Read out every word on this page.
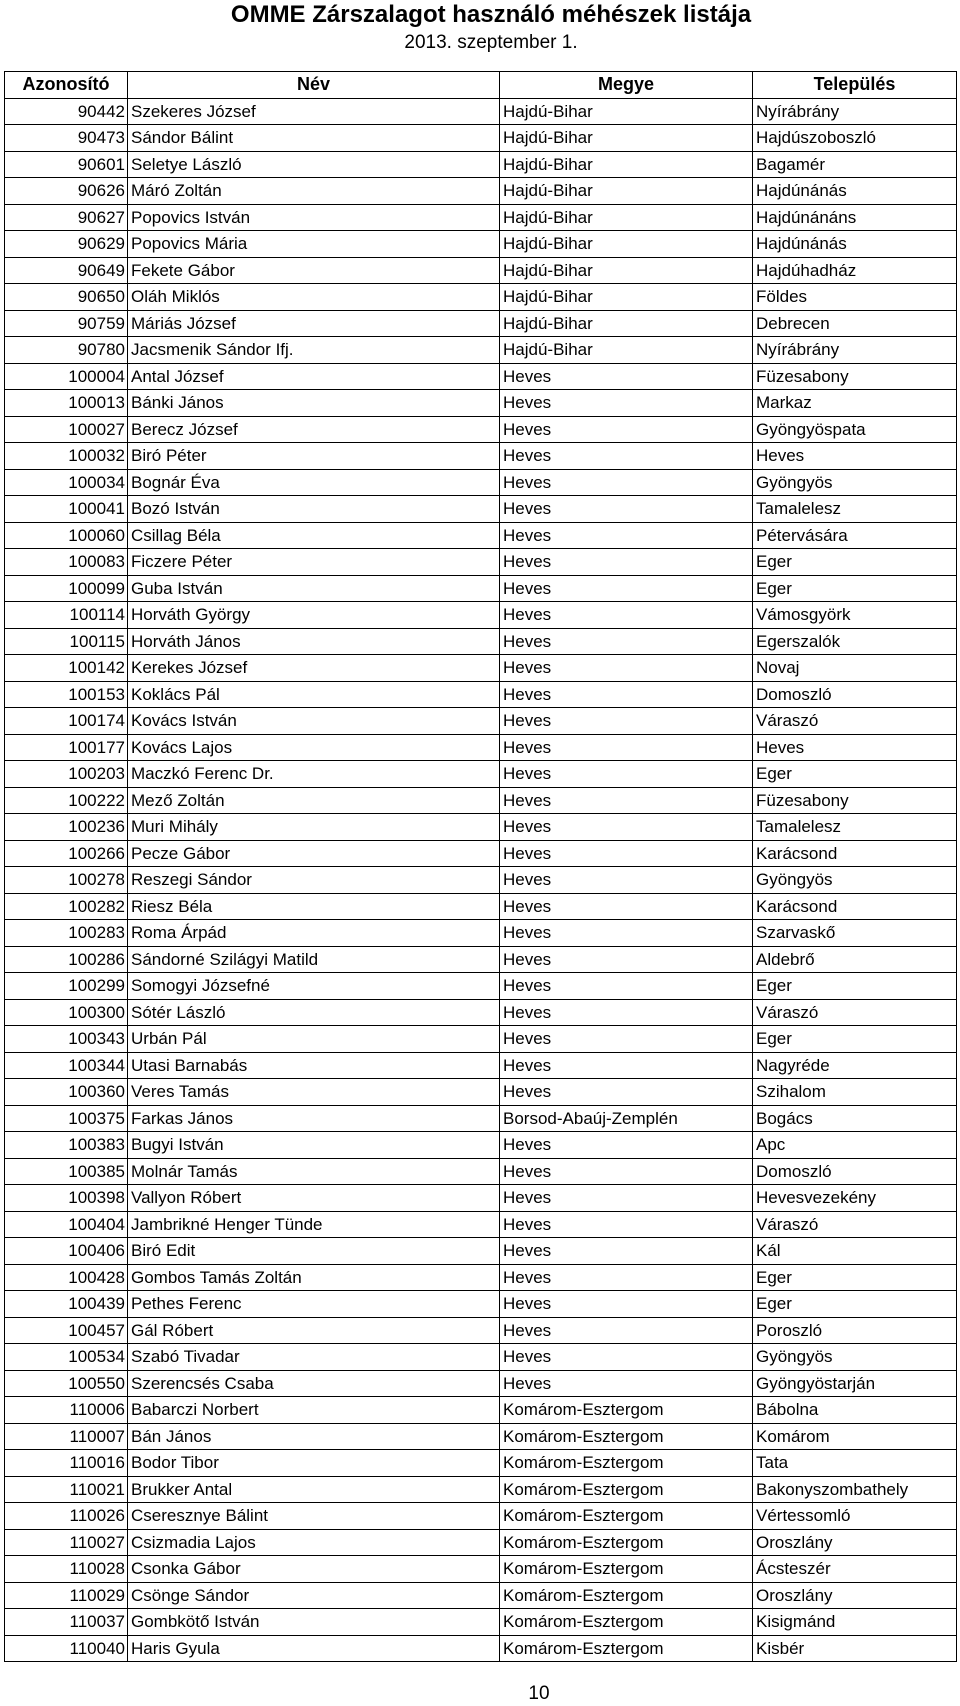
OMME Zárszalagot használó méhészek listája
2013. szeptember 1.
Azonosító	Név	Megye	Település
90442	Szekeres József	Hajdú-Bihar	Nyírábrány
90473	Sándor Bálint	Hajdú-Bihar	Hajdúszoboszló
90601	Seletye László	Hajdú-Bihar	Bagamér
90626	Máró Zoltán	Hajdú-Bihar	Hajdúnánás
90627	Popovics István	Hajdú-Bihar	Hajdúnánáns
90629	Popovics Mária	Hajdú-Bihar	Hajdúnánás
90649	Fekete Gábor	Hajdú-Bihar	Hajdúhadház
90650	Oláh Miklós	Hajdú-Bihar	Földes
90759	Máriás József	Hajdú-Bihar	Debrecen
90780	Jacsmenik Sándor Ifj.	Hajdú-Bihar	Nyírábrány
100004	Antal József	Heves	Füzesabony
100013	Bánki János	Heves	Markaz
100027	Berecz József	Heves	Gyöngyöspata
100032	Biró Péter	Heves	Heves
100034	Bognár Éva	Heves	Gyöngyös
100041	Bozó István	Heves	Tamalelesz
100060	Csillag Béla	Heves	Pétervására
100083	Ficzere Péter	Heves	Eger
100099	Guba István	Heves	Eger
100114	Horváth György	Heves	Vámosgyörk
100115	Horváth János	Heves	Egerszalók
100142	Kerekes József	Heves	Novaj
100153	Koklács Pál	Heves	Domoszló
100174	Kovács István	Heves	Váraszó
100177	Kovács Lajos	Heves	Heves
100203	Maczkó Ferenc Dr.	Heves	Eger
100222	Mező Zoltán	Heves	Füzesabony
100236	Muri Mihály	Heves	Tamalelesz
100266	Pecze Gábor	Heves	Karácsond
100278	Reszegi Sándor	Heves	Gyöngyös
100282	Riesz Béla	Heves	Karácsond
100283	Roma Árpád	Heves	Szarvaskő
100286	Sándorné Szilágyi Matild	Heves	Aldebrő
100299	Somogyi Józsefné	Heves	Eger
100300	Sótér László	Heves	Váraszó
100343	Urbán Pál	Heves	Eger
100344	Utasi Barnabás	Heves	Nagyréde
100360	Veres Tamás	Heves	Szihalom
100375	Farkas János	Borsod-Abaúj-Zemplén	Bogács
100383	Bugyi István	Heves	Apc
100385	Molnár Tamás	Heves	Domoszló
100398	Vallyon Róbert	Heves	Hevesvezekény
100404	Jambrikné Henger Tünde	Heves	Váraszó
100406	Biró Edit	Heves	Kál
100428	Gombos Tamás Zoltán	Heves	Eger
100439	Pethes Ferenc	Heves	Eger
100457	Gál Róbert	Heves	Poroszló
100534	Szabó Tivadar	Heves	Gyöngyös
100550	Szerencsés Csaba	Heves	Gyöngyöstarján
110006	Babarczi Norbert	Komárom-Esztergom	Bábolna
110007	Bán János	Komárom-Esztergom	Komárom
110016	Bodor Tibor	Komárom-Esztergom	Tata
110021	Brukker Antal	Komárom-Esztergom	Bakonyszombathely
110026	Cseresznye Bálint	Komárom-Esztergom	Vértessomló
110027	Csizmadia Lajos	Komárom-Esztergom	Oroszlány
110028	Csonka Gábor	Komárom-Esztergom	Ácsteszér
110029	Csönge Sándor	Komárom-Esztergom	Oroszlány
110037	Gombkötő István	Komárom-Esztergom	Kisigmánd
110040	Haris Gyula	Komárom-Esztergom	Kisbér
10
